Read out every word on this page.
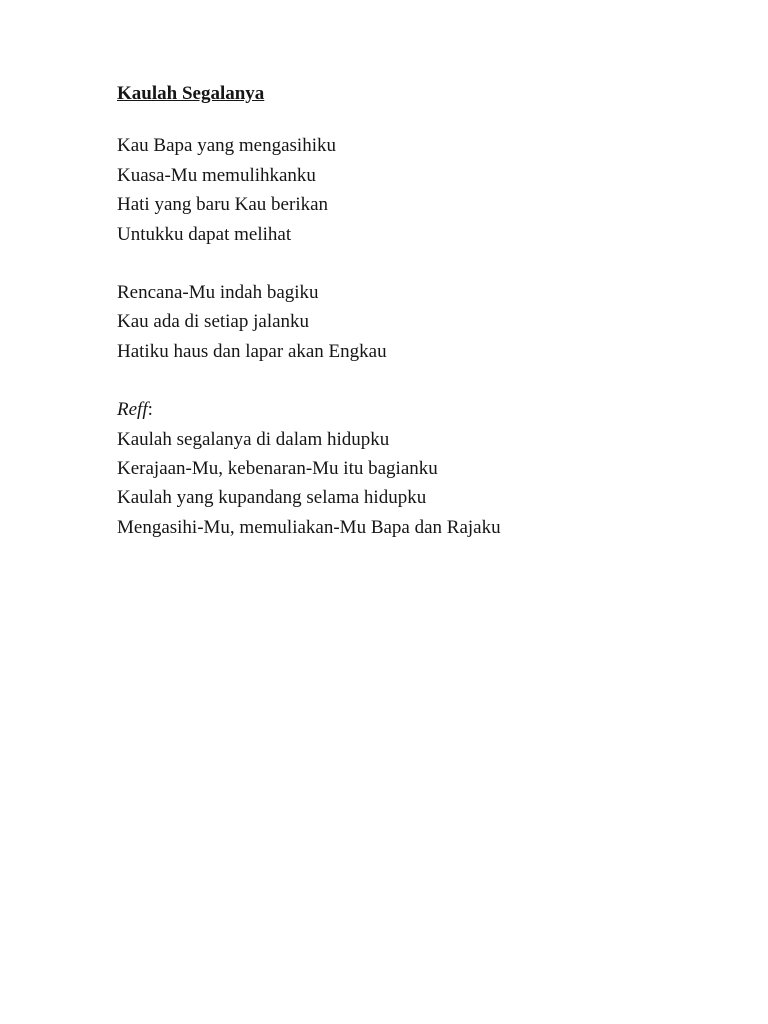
Kaulah Segalanya

Kau Bapa yang mengasihiku

Kuasa-Mu memulihkanku

Hati yang baru Kau berikan

Untukku dapat melihat

Rencana-Mu indah bagiku

Kau ada di setiap jalanku

Hatiku haus dan lapar akan Engkau

Reff:

Kaulah segalanya di dalam hidupku

Kerajaan-Mu, kebenaran-Mu itu bagianku

Kaulah yang kupandang selama hidupku

Mengasihi-Mu, memuliakan-Mu Bapa dan Rajaku
